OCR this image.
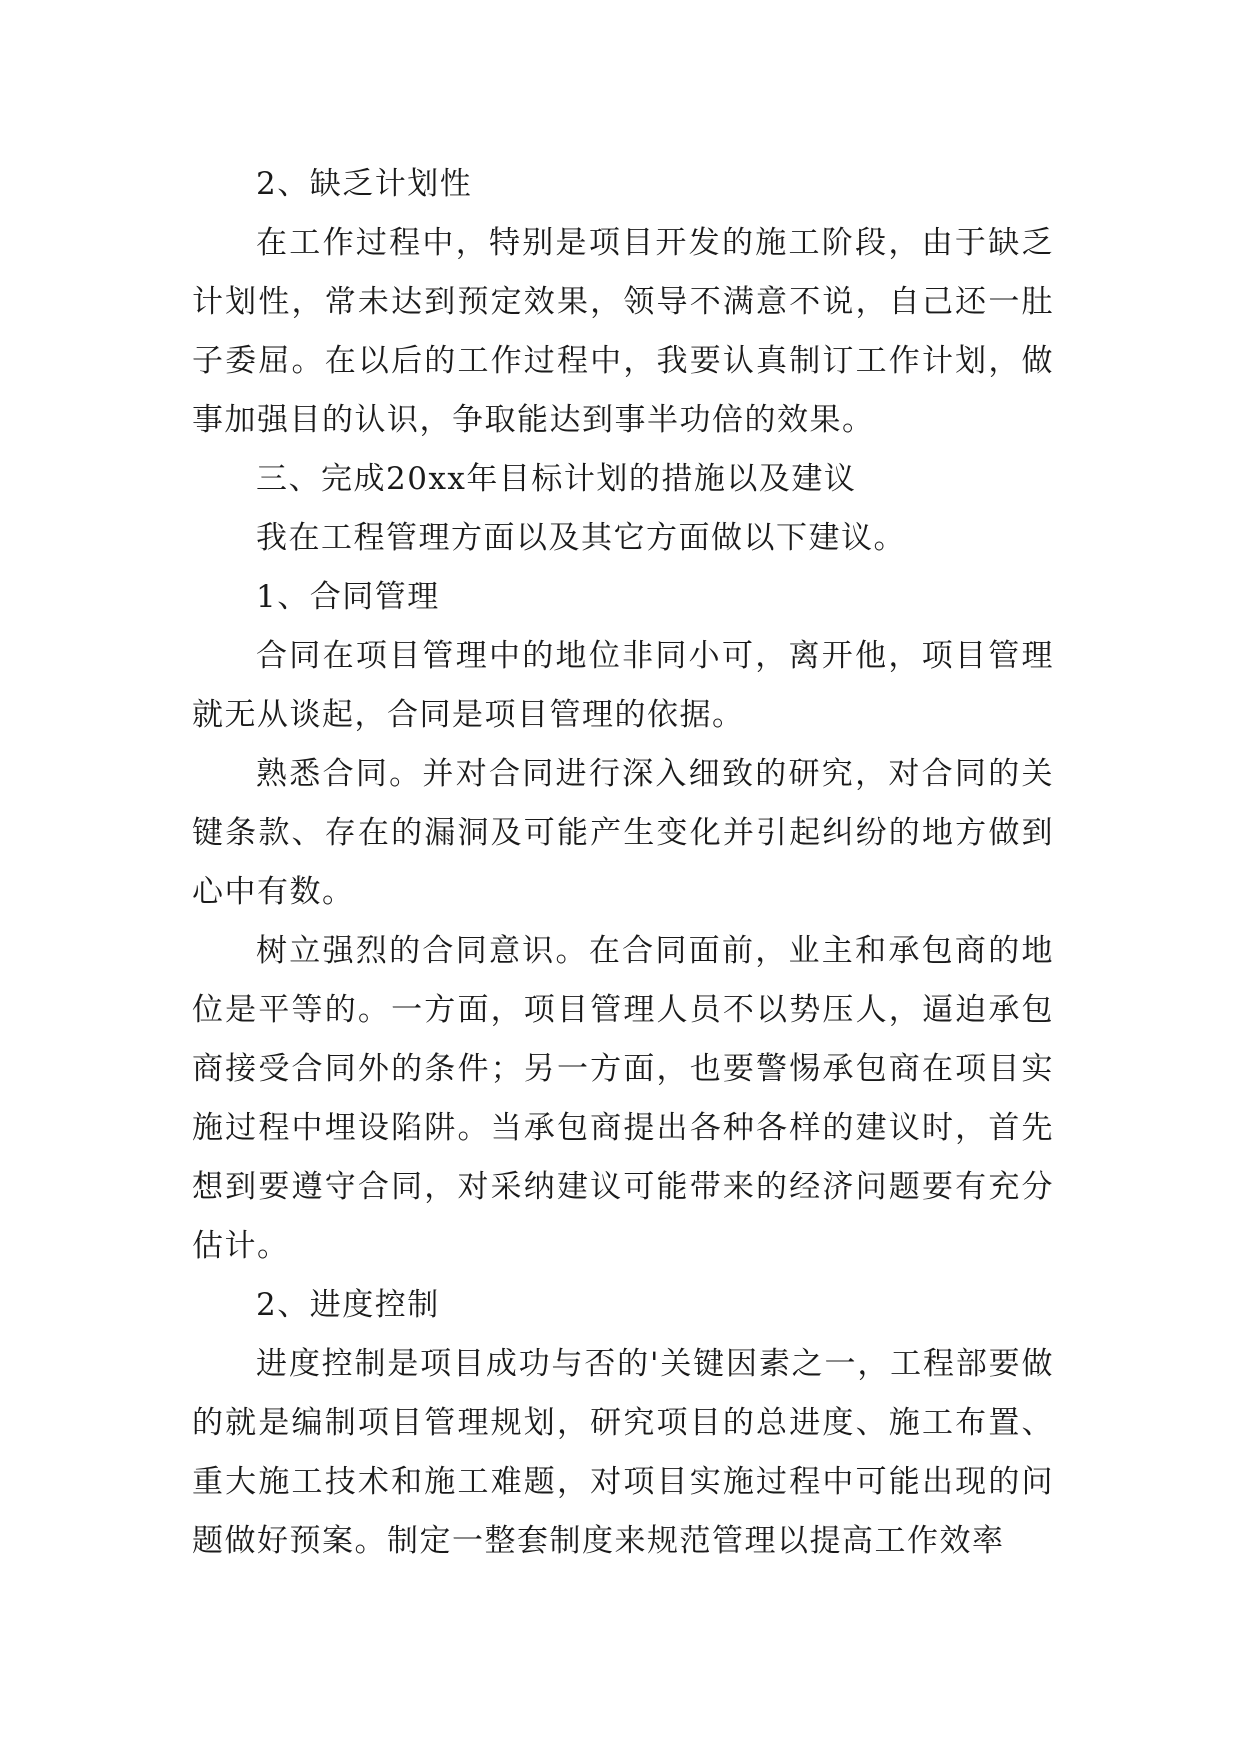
2、缺乏计划性

在工作过程中，特别是项目开发的施工阶段，由于缺乏计划性，常未达到预定效果，领导不满意不说，自己还一肚子委屈。在以后的工作过程中，我要认真制订工作计划，做事加强目的认识，争取能达到事半功倍的效果。

三、完成20xx年目标计划的措施以及建议

我在工程管理方面以及其它方面做以下建议。

1、合同管理

合同在项目管理中的地位非同小可，离开他，项目管理就无从谈起，合同是项目管理的依据。

熟悉合同。并对合同进行深入细致的研究，对合同的关键条款、存在的漏洞及可能产生变化并引起纠纷的地方做到心中有数。

树立强烈的合同意识。在合同面前，业主和承包商的地位是平等的。一方面，项目管理人员不以势压人，逼迫承包商接受合同外的条件；另一方面，也要警惕承包商在项目实施过程中埋设陷阱。当承包商提出各种各样的建议时，首先想到要遵守合同，对采纳建议可能带来的经济问题要有充分估计。

2、进度控制

进度控制是项目成功与否的'关键因素之一，工程部要做的就是编制项目管理规划，研究项目的总进度、施工布置、重大施工技术和施工难题，对项目实施过程中可能出现的问题做好预案。制定一整套制度来规范管理以提高工作效率
